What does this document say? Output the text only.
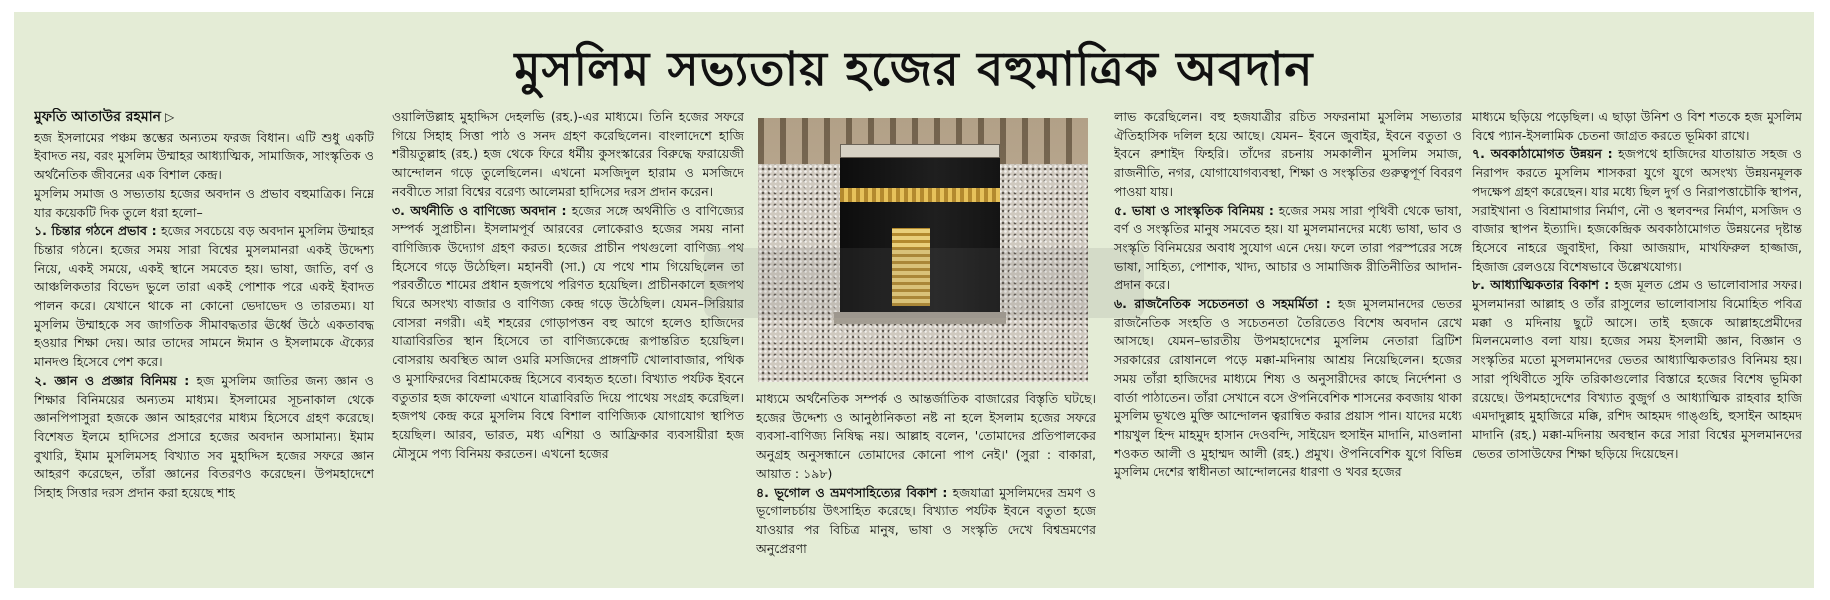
মুসলিম সভ্যতায় হজের বহুমাত্রিক অবদান

মুফতি আতাউর রহমান ▷

হজ ইসলামের পঞ্চম স্তম্ভের অন্যতম ফরজ বিধান। এটি শুধু একটি ইবাদত নয়, বরং মুসলিম উম্মাহর আধ্যাত্মিক, সামাজিক, সাংস্কৃতিক ও অর্থনৈতিক জীবনের এক বিশাল কেন্দ্র।

মুসলিম সমাজ ও সভ্যতায় হজের অবদান ও প্রভাব বহুমাত্রিক। নিম্নে যার কয়েকটি দিক তুলে ধরা হলো–

১. চিন্তার গঠনে প্রভাব : হজের সবচেয়ে বড় অবদান মুসলিম উম্মাহর চিন্তার গঠনে। হজের সময় সারা বিশ্বের মুসলমানরা একই উদ্দেশ্য নিয়ে, একই সময়ে, একই স্থানে সমবেত হয়। ভাষা, জাতি, বর্ণ ও আঞ্চলিকতার বিভেদ ভুলে তারা একই পোশাক পরে একই ইবাদত পালন করে। যেখানে থাকে না কোনো ভেদাভেদ ও তারতম্য। যা মুসলিম উম্মাহকে সব জাগতিক সীমাবদ্ধতার ঊর্ধ্বে উঠে একতাবদ্ধ হওয়ার শিক্ষা দেয়। আর তাদের সামনে ঈমান ও ইসলামকে ঐক্যের মানদণ্ড হিসেবে পেশ করে।

২. জ্ঞান ও প্রজ্ঞার বিনিময় : হজ মুসলিম জাতির জন্য জ্ঞান ও শিক্ষার বিনিময়ের অন্যতম মাধ্যম। ইসলামের সূচনাকাল থেকে জ্ঞানপিপাসুরা হজকে জ্ঞান আহরণের মাধ্যম হিসেবে গ্রহণ করেছে। বিশেষত ইলমে হাদিসের প্রসারে হজের অবদান অসামান্য। ইমাম বুখারি, ইমাম মুসলিমসহ বিখ্যাত সব মুহাদ্দিস হজের সফরে জ্ঞান আহরণ করেছেন, তাঁরা জ্ঞানের বিতরণও করেছেন। উপমহাদেশে সিহাহ সিত্তার দরস প্রদান করা হয়েছে শাহ

ওয়ালিউল্লাহ মুহাদ্দিস দেহলভি (রহ.)-এর মাধ্যমে। তিনি হজের সফরে গিয়ে সিহাহ সিত্তা পাঠ ও সনদ গ্রহণ করেছিলেন। বাংলাদেশে হাজি শরীয়তুল্লাহ (রহ.) হজ থেকে ফিরে ধর্মীয় কুসংস্কারের বিরুদ্ধে ফরায়েজী আন্দোলন গড়ে তুলেছিলেন। এখনো মসজিদুল হারাম ও মসজিদে নববীতে সারা বিশ্বের বরেণ্য আলেমরা হাদিসের দরস প্রদান করেন।

৩. অর্থনীতি ও বাণিজ্যে অবদান : হজের সঙ্গে অর্থনীতি ও বাণিজ্যের সম্পর্ক সুপ্রাচীন। ইসলামপূর্ব আরবের লোকেরাও হজের সময় নানা বাণিজ্যিক উদ্যোগ গ্রহণ করত। হজের প্রাচীন পথগুলো বাণিজ্য পথ হিসেবে গড়ে উঠেছিল। মহানবী (সা.) যে পথে শাম গিয়েছিলেন তা পরবর্তীতে শামের প্রধান হজপথে পরিণত হয়েছিল। প্রাচীনকালে হজপথ ঘিরে অসংখ্য বাজার ও বাণিজ্য কেন্দ্র গড়ে উঠেছিল। যেমন–সিরিয়ার বোসরা নগরী। এই শহরের গোড়াপত্তন বহু আগে হলেও হাজিদের যাত্রাবিরতির স্থান হিসেবে তা বাণিজ্যকেন্দ্রে রূপান্তরিত হয়েছিল। বোসরায় অবস্থিত আল ওমরি মসজিদের প্রাঙ্গণটি খোলাবাজার, পথিক ও মুসাফিরদের বিশ্রামকেন্দ্র হিসেবে ব্যবহৃত হতো। বিখ্যাত পর্যটক ইবনে বতুতার হজ কাফেলা এখানে যাত্রাবিরতি দিয়ে পাথেয় সংগ্রহ করেছিল। হজপথ কেন্দ্র করে মুসলিম বিশ্বে বিশাল বাণিজ্যিক যোগাযোগ স্থাপিত হয়েছিল। আরব, ভারত, মধ্য এশিয়া ও আফ্রিকার ব্যবসায়ীরা হজ মৌসুমে পণ্য বিনিময় করতেন। এখনো হজের

মাধ্যমে অর্থনৈতিক সম্পর্ক ও আন্তর্জাতিক বাজারের বিস্তৃতি ঘটছে। হজের উদ্দেশ্য ও আনুষ্ঠানিকতা নষ্ট না হলে ইসলাম হজের সফরে ব্যবসা-বাণিজ্য নিষিদ্ধ নয়। আল্লাহ বলেন, 'তোমাদের প্রতিপালকের অনুগ্রহ অনুসন্ধানে তোমাদের কোনো পাপ নেই।' (সুরা : বাকারা, আয়াত : ১৯৮)

৪. ভূগোল ও ভ্রমণসাহিত্যের বিকাশ : হজযাত্রা মুসলিমদের ভ্রমণ ও ভূগোলচর্চায় উৎসাহিত করেছে। বিখ্যাত পর্যটক ইবনে বতুতা হজে যাওয়ার পর বিচিত্র মানুষ, ভাষা ও সংস্কৃতি দেখে বিশ্বভ্রমণের অনুপ্রেরণা

লাভ করেছিলেন। বহু হজযাত্রীর রচিত সফরনামা মুসলিম সভ্যতার ঐতিহাসিক দলিল হয়ে আছে। যেমন– ইবনে জুবাইর, ইবনে বতুতা ও ইবনে রুশাইদ ফিহরি। তাঁদের রচনায় সমকালীন মুসলিম সমাজ, রাজনীতি, নগর, যোগাযোগব্যবস্থা, শিক্ষা ও সংস্কৃতির গুরুত্বপূর্ণ বিবরণ পাওয়া যায়।

৫. ভাষা ও সাংস্কৃতিক বিনিময় : হজের সময় সারা পৃথিবী থেকে ভাষা, বর্ণ ও সংস্কৃতির মানুষ সমবেত হয়। যা মুসলমানদের মধ্যে ভাষা, ভাব ও সংস্কৃতি বিনিময়ের অবাধ সুযোগ এনে দেয়। ফলে তারা পরস্পরের সঙ্গে ভাষা, সাহিত্য, পোশাক, খাদ্য, আচার ও সামাজিক রীতিনীতির আদান-প্রদান করে।

৬. রাজনৈতিক সচেতনতা ও সহমর্মিতা : হজ মুসলমানদের ভেতর রাজনৈতিক সংহতি ও সচেতনতা তৈরিতেও বিশেষ অবদান রেখে আসছে। যেমন–ভারতীয় উপমহাদেশের মুসলিম নেতারা ব্রিটিশ সরকারের রোষানলে পড়ে মক্কা-মদিনায় আশ্রয় নিয়েছিলেন। হজের সময় তাঁরা হাজিদের মাধ্যমে শিষ্য ও অনুসারীদের কাছে নির্দেশনা ও বার্তা পাঠাতেন। তাঁরা সেখানে বসে ঔপনিবেশিক শাসনের কবজায় থাকা মুসলিম ভূখণ্ডে মুক্তি আন্দোলন ত্বরান্বিত করার প্রয়াস পান। যাদের মধ্যে শায়খুল হিন্দ মাহমুদ হাসান দেওবন্দি, সাইয়েদ হুসাইন মাদানি, মাওলানা শওকত আলী ও মুহাম্মদ আলী (রহ.) প্রমুখ। ঔপনিবেশিক যুগে বিভিন্ন মুসলিম দেশের স্বাধীনতা আন্দোলনের ধারণা ও খবর হজের

মাধ্যমে ছড়িয়ে পড়েছিল। এ ছাড়া উনিশ ও বিশ শতকে হজ মুসলিম বিশ্বে প্যান-ইসলামিক চেতনা জাগ্রত করতে ভূমিকা রাখে।

৭. অবকাঠামোগত উন্নয়ন : হজপথে হাজিদের যাতায়াত সহজ ও নিরাপদ করতে মুসলিম শাসকরা যুগে যুগে অসংখ্য উন্নয়নমূলক পদক্ষেপ গ্রহণ করেছেন। যার মধ্যে ছিল দুর্গ ও নিরাপত্তাচৌকি স্থাপন, সরাইখানা ও বিশ্রামাগার নির্মাণ, নৌ ও স্থলবন্দর নির্মাণ, মসজিদ ও বাজার স্থাপন ইত্যাদি। হজকেন্দ্রিক অবকাঠামোগত উন্নয়নের দৃষ্টান্ত হিসেবে নাহরে জুবাইদা, কিয়া আজয়াদ, মাখফিরুল হাজ্জাজ, হিজাজ রেলওয়ে বিশেষভাবে উল্লেখযোগ্য।

৮. আধ্যাত্মিকতার বিকাশ : হজ মূলত প্রেম ও ভালোবাসার সফর। মুসলমানরা আল্লাহ ও তাঁর রাসুলের ভালোবাসায় বিমোহিত পবিত্র মক্কা ও মদিনায় ছুটে আসে। তাই হজকে আল্লাহপ্রেমীদের মিলনমেলাও বলা যায়। হজের সময় ইসলামী জ্ঞান, বিজ্ঞান ও সংস্কৃতির মতো মুসলমানদের ভেতর আধ্যাত্মিকতারও বিনিময় হয়। সারা পৃথিবীতে সুফি তরিকাগুলোর বিস্তারে হজের বিশেষ ভূমিকা রয়েছে। উপমহাদেশের বিখ্যাত বুজুর্গ ও আধ্যাত্মিক রাহবার হাজি এমদাদুল্লাহ মুহাজিরে মক্কি, রশিদ আহমদ গাঙ্গুহি, হুসাইন আহমদ মাদানি (রহ.) মক্কা-মদিনায় অবস্থান করে সারা বিশ্বের মুসলমানদের ভেতর তাসাউফের শিক্ষা ছড়িয়ে দিয়েছেন।
